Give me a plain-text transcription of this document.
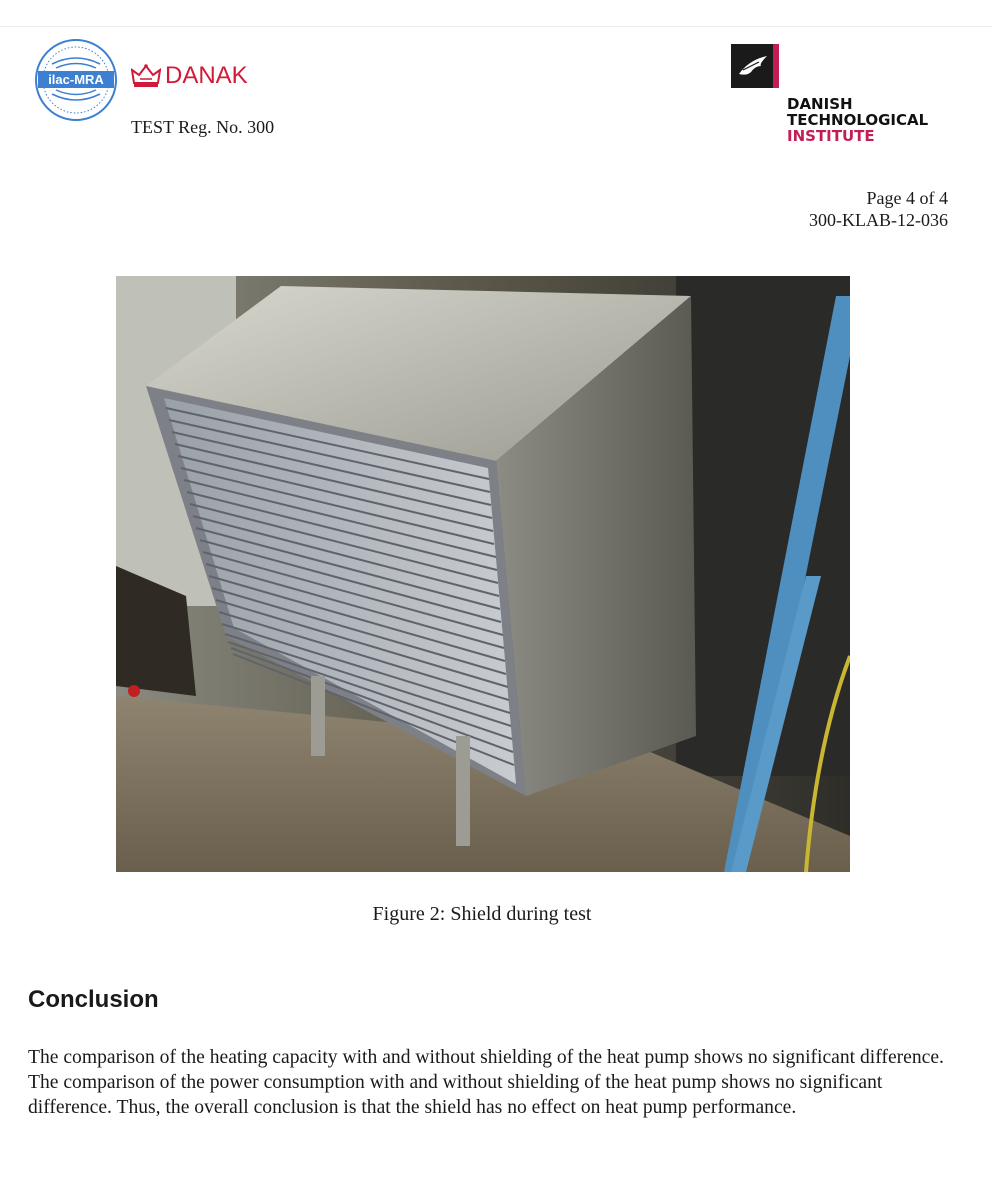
ilac-MRA	DANAK
TEST Reg. No. 300
DANISH
TECHNOLOGICAL
INSTITUTE
Page 4 of 4
300-KLAB-12-036
Figure 2: Shield during test
Conclusion

The comparison of the heating capacity with and without shielding of the heat pump shows no significant difference. The comparison of the power consumption with and without shielding of the heat pump shows no significant difference. Thus, the overall conclusion is that the shield has no effect on heat pump performance.
